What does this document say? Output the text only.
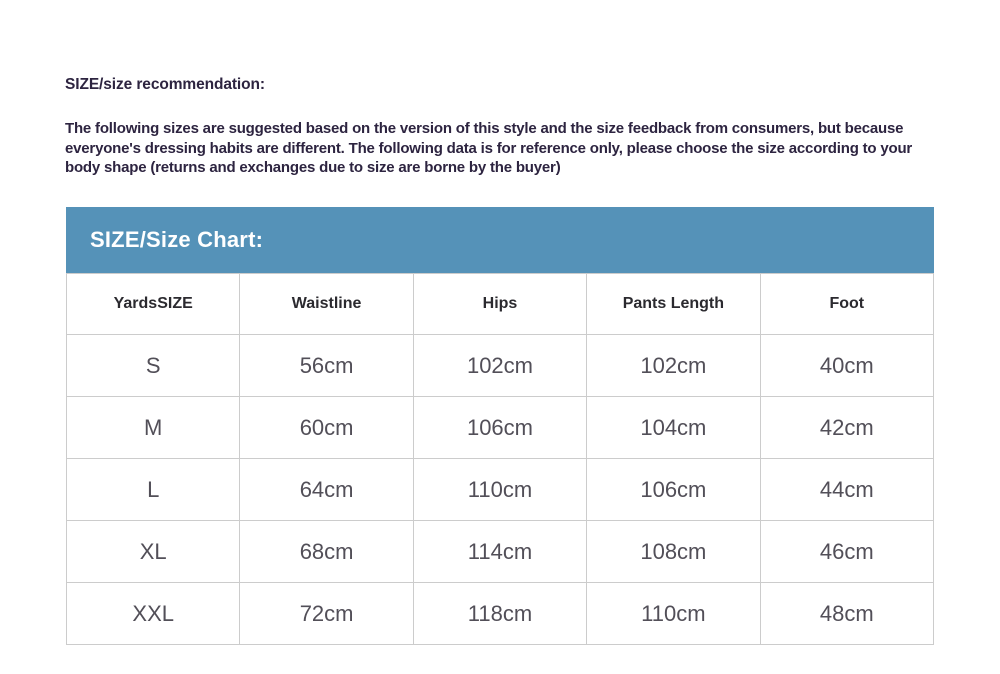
SIZE/size recommendation:
The following sizes are suggested based on the version of this style and the size feedback from consumers, but because everyone's dressing habits are different. The following data is for reference only, please choose the size according to your body shape (returns and exchanges due to size are borne by the buyer)
SIZE/Size Chart:
YardsSIZE	Waistline	Hips	Pants Length	Foot
S	56cm	102cm	102cm	40cm
M	60cm	106cm	104cm	42cm
L	64cm	110cm	106cm	44cm
XL	68cm	114cm	108cm	46cm
XXL	72cm	118cm	110cm	48cm
